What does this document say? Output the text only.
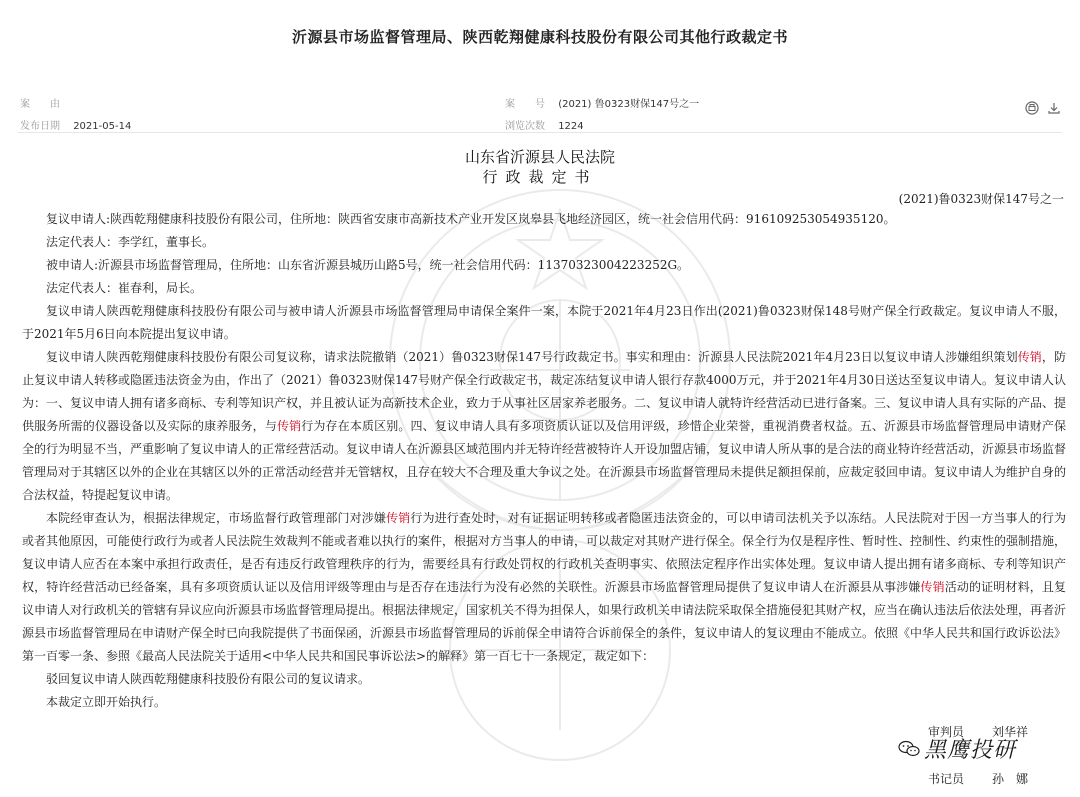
沂源县市场监督管理局、陕西乾翔健康科技股份有限公司其他行政裁定书
案　　由	案　　号 (2021) 鲁0323财保147号之一
发布日期 2021-05-14	浏览次数 1224
山东省沂源县人民法院
行政裁定书
(2021)鲁0323财保147号之一

复议申请人:陕西乾翔健康科技股份有限公司，住所地：陕西省安康市高新技术产业开发区岚皋县飞地经济园区，统一社会信用代码：916109253054935120。

法定代表人：李学红，董事长。

被申请人:沂源县市场监督管理局，住所地：山东省沂源县城历山路5号，统一社会信用代码：11370323004223252G。

法定代表人：崔春利，局长。

复议申请人陕西乾翔健康科技股份有限公司与被申请人沂源县市场监督管理局申请保全案件一案，本院于2021年4月23日作出(2021)鲁0323财保148号财产保全行政裁定。复议申请人不服，于2021年5月6日向本院提出复议申请。

复议申请人陕西乾翔健康科技股份有限公司复议称，请求法院撤销（2021）鲁0323财保147号行政裁定书。事实和理由：沂源县人民法院2021年4月23日以复议申请人涉嫌组织策划传销，防止复议申请人转移或隐匿违法资金为由，作出了（2021）鲁0323财保147号财产保全行政裁定书，裁定冻结复议申请人银行存款4000万元，并于2021年4月30日送达至复议申请人。复议申请人认为：一、复议申请人拥有诸多商标、专利等知识产权，并且被认证为高新技术企业，致力于从事社区居家养老服务。二、复议申请人就特许经营活动已进行备案。三、复议申请人具有实际的产品、提供服务所需的仪器设备以及实际的康养服务，与传销行为存在本质区别。四、复议申请人具有多项资质认证以及信用评级，珍惜企业荣誉，重视消费者权益。五、沂源县市场监督管理局申请财产保全的行为明显不当，严重影响了复议申请人的正常经营活动。复议申请人在沂源县区域范围内并无特许经营被特许人开设加盟店铺，复议申请人所从事的是合法的商业特许经营活动，沂源县市场监督管理局对于其辖区以外的企业在其辖区以外的正常活动经营并无管辖权，且存在较大不合理及重大争议之处。在沂源县市场监督管理局未提供足额担保前，应裁定驳回申请。复议申请人为维护自身的合法权益，特提起复议申请。

本院经审查认为，根据法律规定，市场监督行政管理部门对涉嫌传销行为进行查处时，对有证据证明转移或者隐匿违法资金的，可以申请司法机关予以冻结。人民法院对于因一方当事人的行为或者其他原因，可能使行政行为或者人民法院生效裁判不能或者难以执行的案件，根据对方当事人的申请，可以裁定对其财产进行保全。保全行为仅是程序性、暂时性、控制性、约束性的强制措施，复议申请人应否在本案中承担行政责任，是否有违反行政管理秩序的行为，需要经具有行政处罚权的行政机关查明事实、依照法定程序作出实体处理。复议申请人提出拥有诸多商标、专利等知识产权，特许经营活动已经备案，具有多项资质认证以及信用评级等理由与是否存在违法行为没有必然的关联性。沂源县市场监督管理局提供了复议申请人在沂源县从事涉嫌传销活动的证明材料，且复议申请人对行政机关的管辖有异议应向沂源县市场监督管理局提出。根据法律规定，国家机关不得为担保人，如果行政机关申请法院采取保全措施侵犯其财产权，应当在确认违法后依法处理，再者沂源县市场监督管理局在申请财产保全时已向我院提供了书面保函，沂源县市场监督管理局的诉前保全申请符合诉前保全的条件，复议申请人的复议理由不能成立。依照《中华人民共和国行政诉讼法》第一百零一条、参照《最高人民法院关于适用<中华人民共和国民事诉讼法>的解释》第一百七十一条规定，裁定如下：

驳回复议申请人陕西乾翔健康科技股份有限公司的复议请求。

本裁定立即开始执行。

审判员 刘华祥
书记员 孙　娜
黑鹰投研
